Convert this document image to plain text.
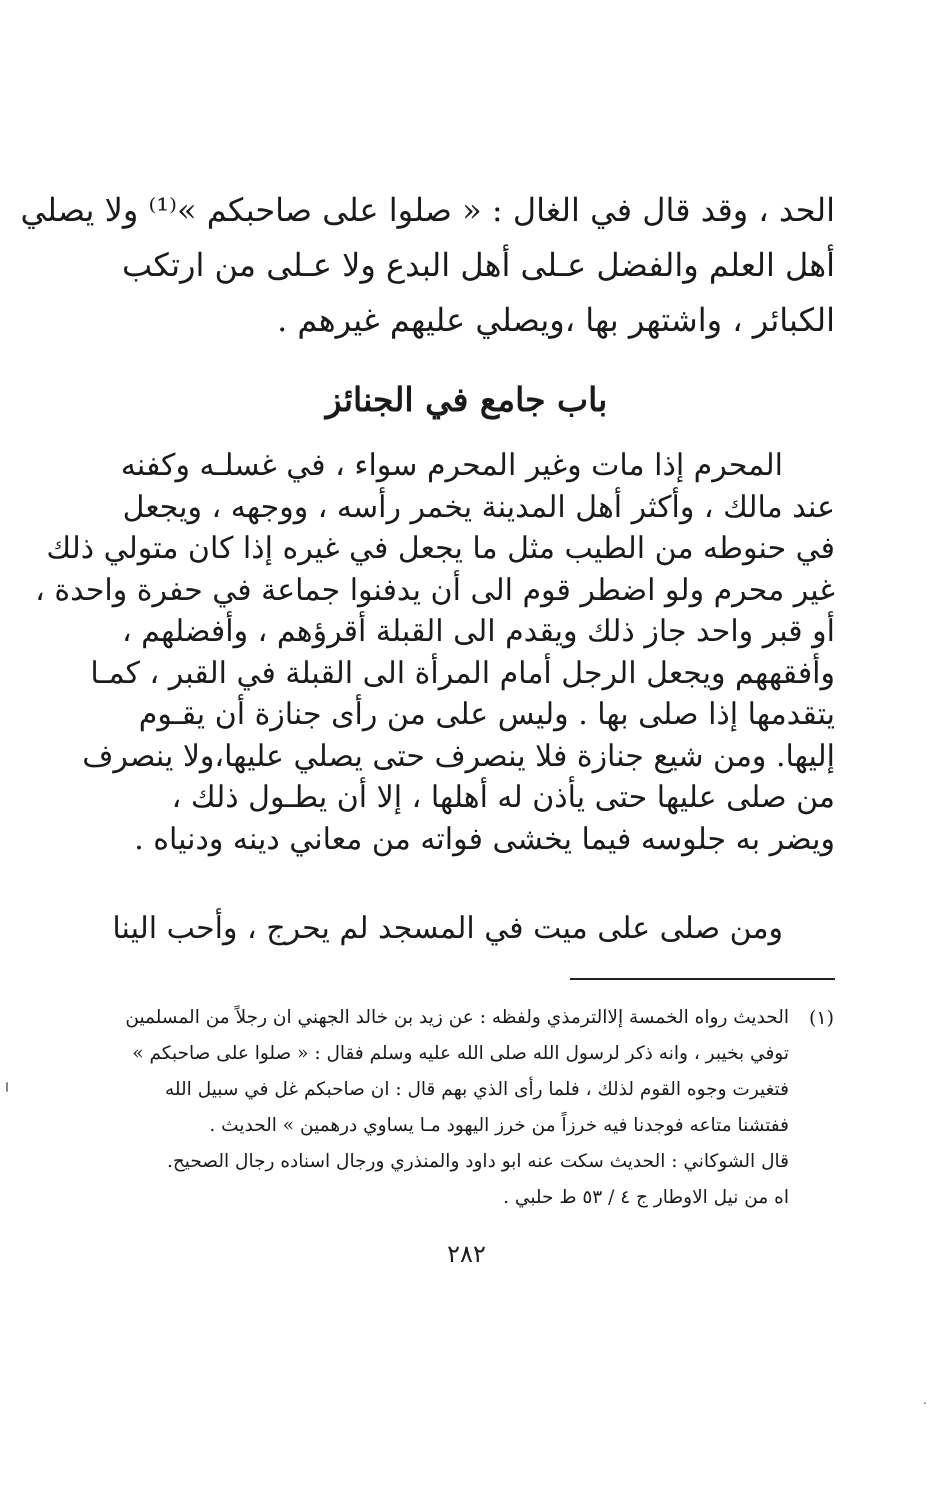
الحد ، وقد قال في الغال : « صلوا على صاحبكم »⁽¹⁾ ولا يصلي
أهل العلم والفضل عـلى أهل البدع ولا عـلى من ارتكب
الكبائر ، واشتهر بها ،ويصلي عليهم غيرهم .
باب جامع في الجنائز
المحرم إذا مات وغير المحرم سواء ، في غسلـه وكفنه
عند مالك ، وأكثر أهل المدينة يخمر رأسه ، ووجهه ، ويجعل
في حنوطه من الطيب مثل ما يجعل في غيره إذا كان متولي ذلك
غير محرم ولو اضطر قوم الى أن يدفنوا جماعة في حفرة واحدة ،
أو قبر واحد جاز ذلك ويقدم الى القبلة أقرؤهم ، وأفضلهم ،
وأفقههم ويجعل الرجل أمام المرأة الى القبلة في القبر ، كمـا
يتقدمها إذا صلى بها . وليس على من رأى جنازة أن يقـوم
إليها. ومن شيع جنازة فلا ينصرف حتى يصلي عليها،ولا ينصرف
من صلى عليها حتى يأذن له أهلها ، إلا أن يطـول ذلك ،
ويضر به جلوسه فيما يخشى فواته من معاني دينه ودنياه .
ومن صلى على ميت في المسجد لم يحرج ، وأحب الينا
(١)
الحديث رواه الخمسة إلاالترمذي ولفظه : عن زيد بن خالد الجهني ان رجلاً من المسلمين
توفي بخيبر ، وانه ذكر لرسول الله صلى الله عليه وسلم فقال : « صلوا على صاحبكم »
فتغيرت وجوه القوم لذلك ، فلما رأى الذي بهم قال : ان صاحبكم غل في سبيل الله
ففتشنا متاعه فوجدنا فيه خرزاً من خرز اليهود مـا يساوي درهمين » الحديث .
قال الشوكاني : الحديث سكت عنه ابو داود والمنذري ورجال اسناده رجال الصحيح.
اه من نيل الاوطار ج ٤ / ٥٣ ط حلبي .
٢٨٢
